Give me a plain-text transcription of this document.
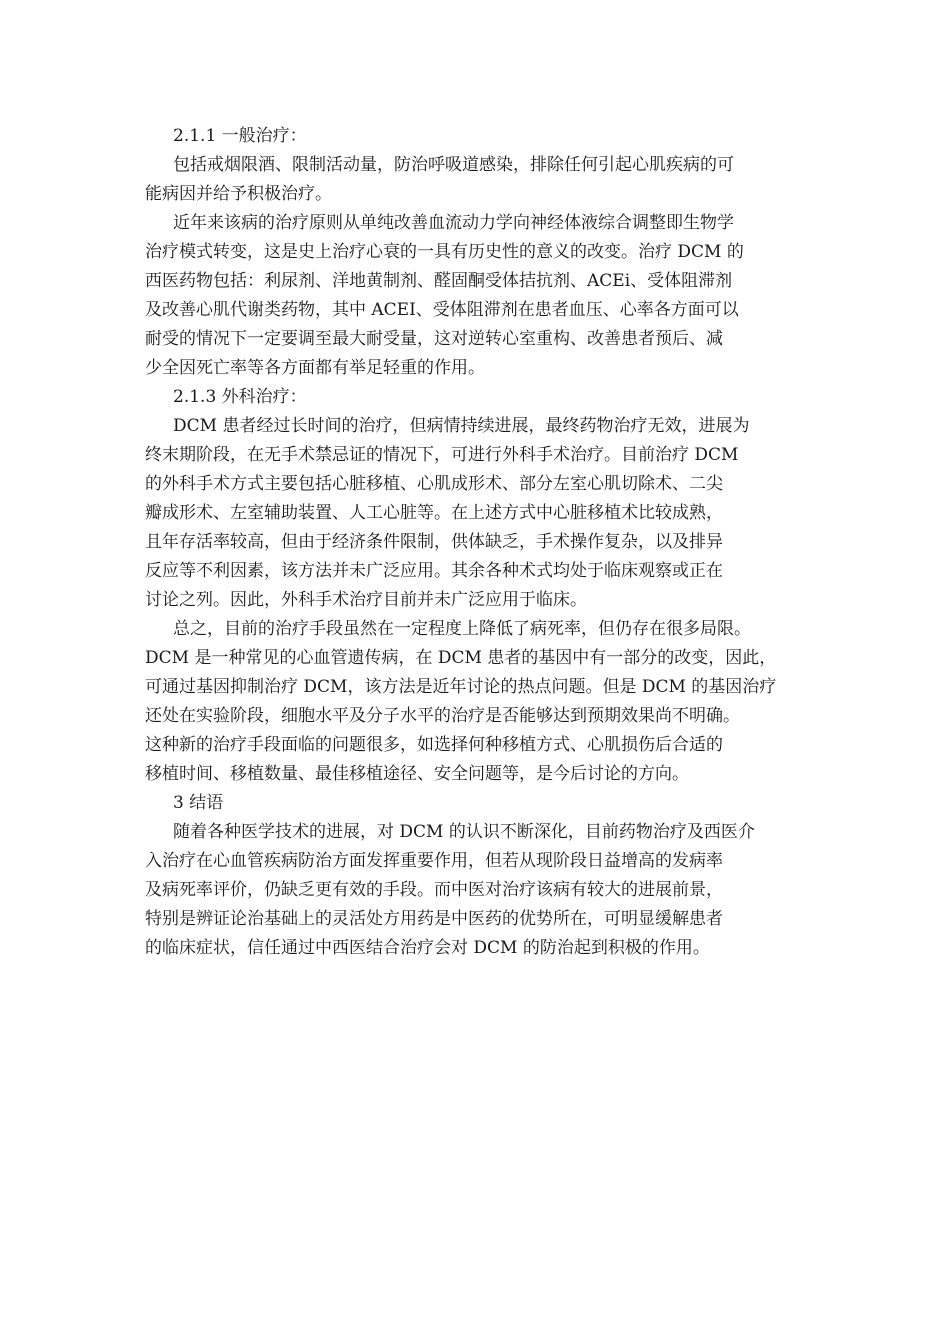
2.1.1 一般治疗：
包括戒烟限酒、限制活动量，防治呼吸道感染，排除任何引起心肌疾病的可
能病因并给予积极治疗。
近年来该病的治疗原则从单纯改善血流动力学向神经体液综合调整即生物学
治疗模式转变，这是史上治疗心衰的一具有历史性的意义的改变。治疗 DCM 的
西医药物包括：利尿剂、洋地黄制剂、醛固酮受体拮抗剂、ACEi、受体阻滞剂
及改善心肌代谢类药物，其中 ACEI、受体阻滞剂在患者血压、心率各方面可以
耐受的情况下一定要调至最大耐受量，这对逆转心室重构、改善患者预后、减
少全因死亡率等各方面都有举足轻重的作用。
2.1.3 外科治疗：
DCM 患者经过长时间的治疗，但病情持续进展，最终药物治疗无效，进展为
终末期阶段，在无手术禁忌证的情况下，可进行外科手术治疗。目前治疗 DCM
的外科手术方式主要包括心脏移植、心肌成形术、部分左室心肌切除术、二尖
瓣成形术、左室辅助装置、人工心脏等。在上述方式中心脏移植术比较成熟，
且年存活率较高，但由于经济条件限制，供体缺乏，手术操作复杂，以及排异
反应等不利因素，该方法并未广泛应用。其余各种术式均处于临床观察或正在
讨论之列。因此，外科手术治疗目前并未广泛应用于临床。
总之，目前的治疗手段虽然在一定程度上降低了病死率，但仍存在很多局限。
DCM 是一种常见的心血管遗传病，在 DCM 患者的基因中有一部分的改变，因此，
可通过基因抑制治疗 DCM，该方法是近年讨论的热点问题。但是 DCM 的基因治疗
还处在实验阶段，细胞水平及分子水平的治疗是否能够达到预期效果尚不明确。
这种新的治疗手段面临的问题很多，如选择何种移植方式、心肌损伤后合适的
移植时间、移植数量、最佳移植途径、安全问题等，是今后讨论的方向。
3 结语
随着各种医学技术的进展，对 DCM 的认识不断深化，目前药物治疗及西医介
入治疗在心血管疾病防治方面发挥重要作用，但若从现阶段日益增高的发病率
及病死率评价，仍缺乏更有效的手段。而中医对治疗该病有较大的进展前景，
特别是辨证论治基础上的灵活处方用药是中医药的优势所在，可明显缓解患者
的临床症状，信任通过中西医结合治疗会对 DCM 的防治起到积极的作用。
